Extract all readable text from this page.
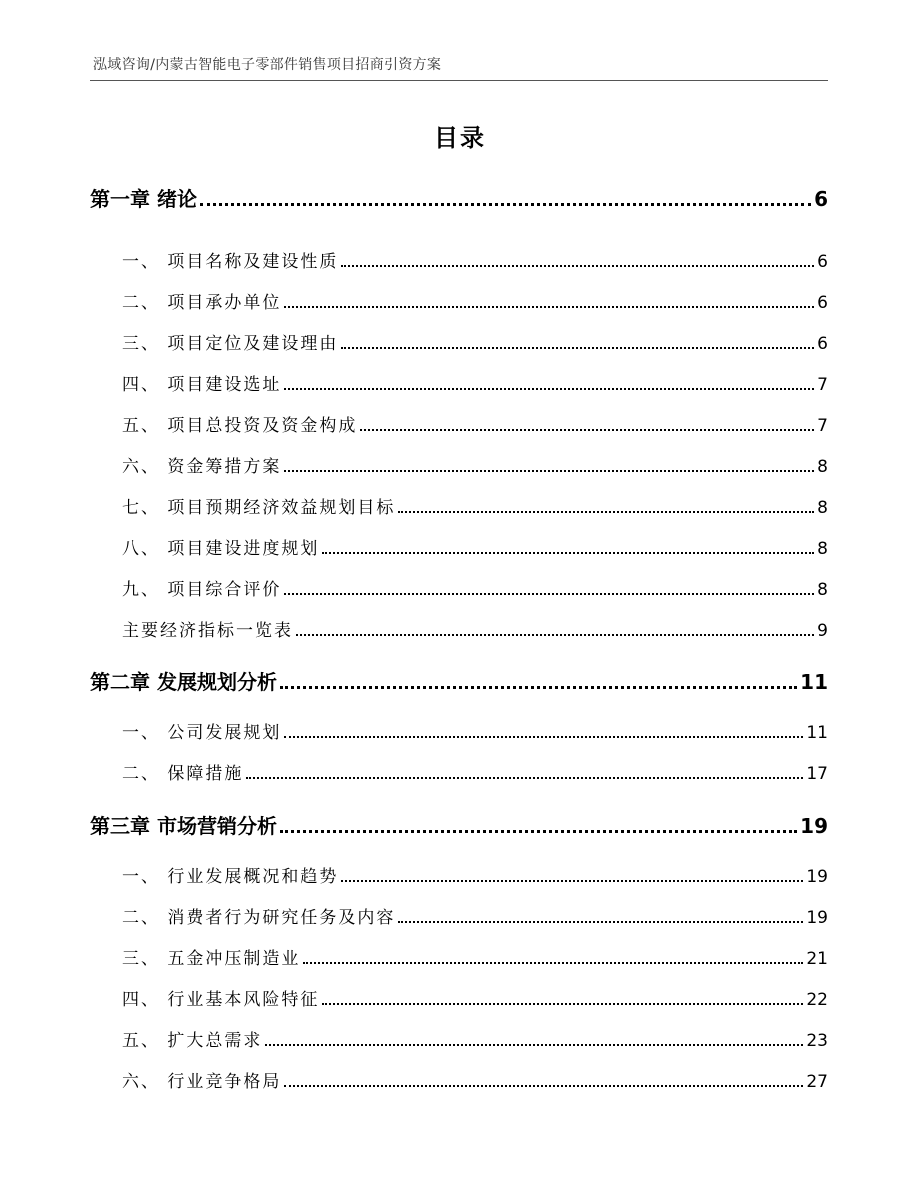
泓域咨询/内蒙古智能电子零部件销售项目招商引资方案
目录
第一章 绪论	6
一、 项目名称及建设性质	6
二、 项目承办单位	6
三、 项目定位及建设理由	6
四、 项目建设选址	7
五、 项目总投资及资金构成	7
六、 资金筹措方案	8
七、 项目预期经济效益规划目标	8
八、 项目建设进度规划	8
九、 项目综合评价	8
主要经济指标一览表	9
第二章 发展规划分析	11
一、 公司发展规划	11
二、 保障措施	17
第三章 市场营销分析	19
一、 行业发展概况和趋势	19
二、 消费者行为研究任务及内容	19
三、 五金冲压制造业	21
四、 行业基本风险特征	22
五、 扩大总需求	23
六、 行业竞争格局	27
